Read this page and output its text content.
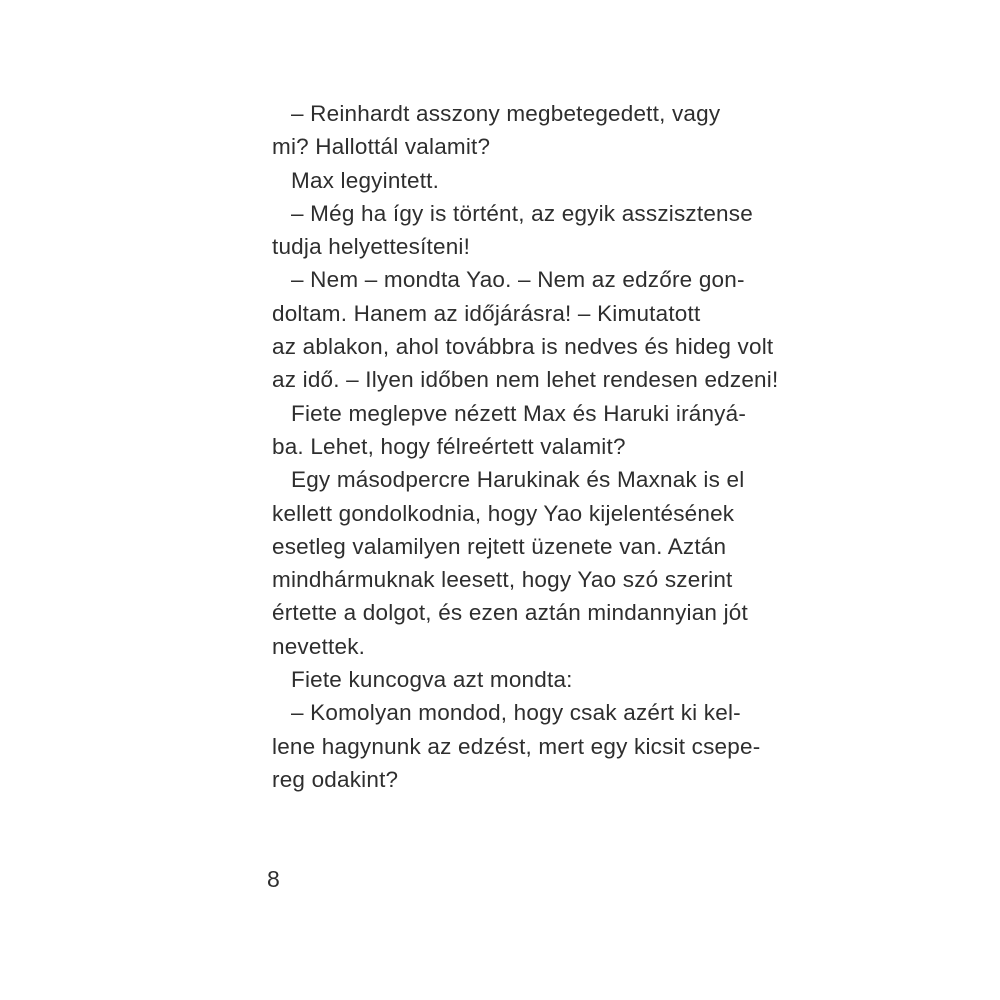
– Reinhardt asszony megbetegedett, vagy
mi? Hallottál valamit?
Max legyintett.
– Még ha így is történt, az egyik asszisztense
tudja helyettesíteni!
– Nem – mondta Yao. – Nem az edzőre gon-
doltam. Hanem az időjárásra! – Kimutatott
az ablakon, ahol továbbra is nedves és hideg volt
az idő. – Ilyen időben nem lehet rendesen edzeni!
Fiete meglepve nézett Max és Haruki irányá-
ba. Lehet, hogy félreértett valamit?
Egy másodpercre Harukinak és Maxnak is el
kellett gondolkodnia, hogy Yao kijelentésének
esetleg valamilyen rejtett üzenete van. Aztán
mindhármuknak leesett, hogy Yao szó szerint
értette a dolgot, és ezen aztán mindannyian jót
nevettek.
Fiete kuncogva azt mondta:
– Komolyan mondod, hogy csak azért ki kel-
lene hagynunk az edzést, mert egy kicsit csepe-
reg odakint?
8
